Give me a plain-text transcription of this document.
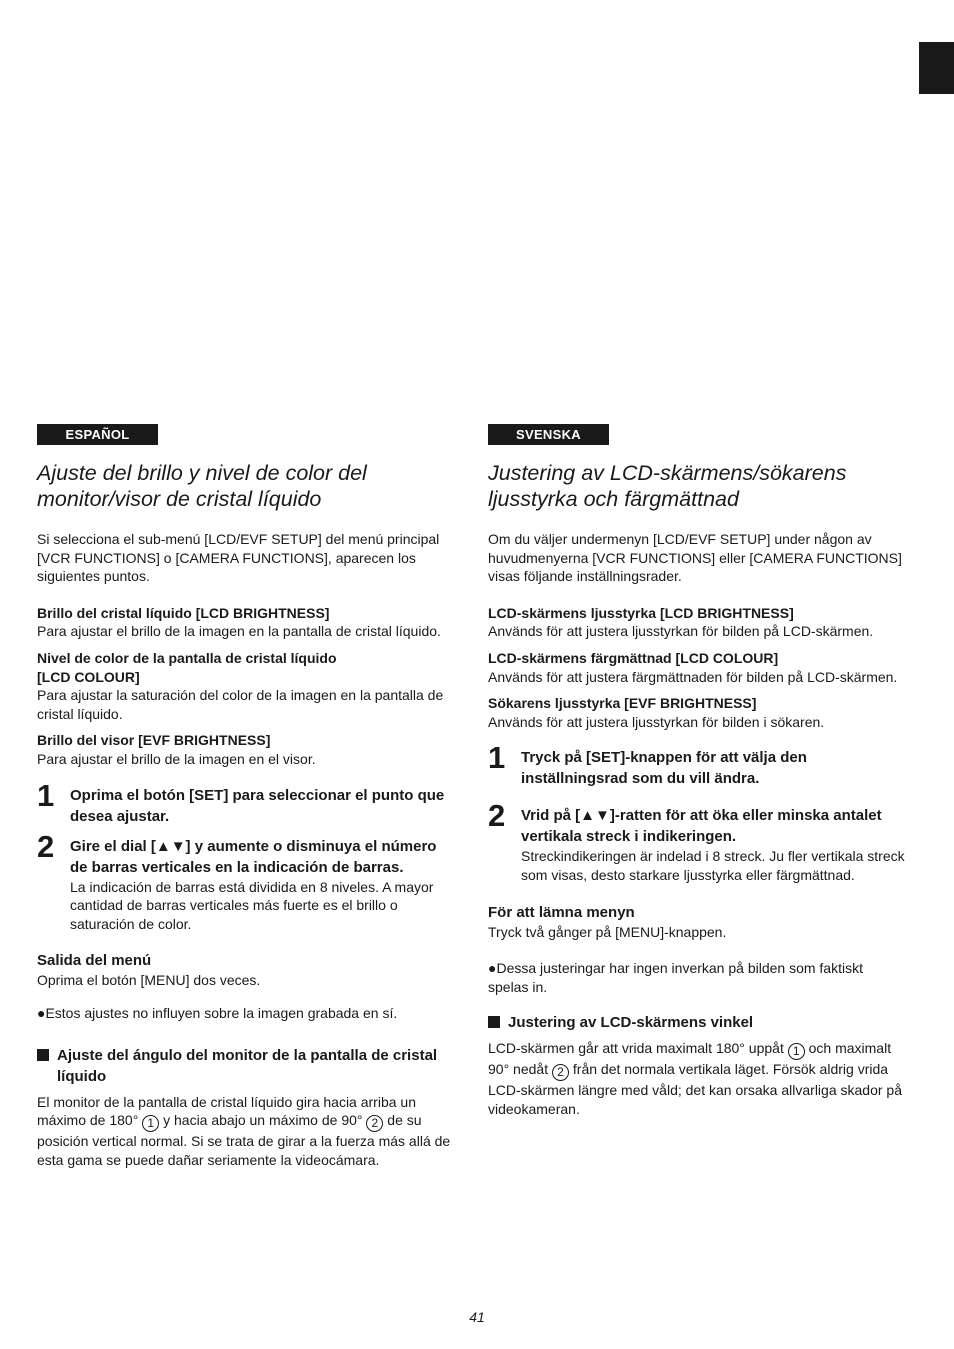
ESPAÑOL
Ajuste del brillo y nivel de color del monitor/visor de cristal líquido

Si selecciona el sub-menú [LCD/EVF SETUP] del menú principal [VCR FUNCTIONS] o [CAMERA FUNCTIONS], aparecen los siguientes puntos.

Brillo del cristal líquido [LCD BRIGHTNESS]

Para ajustar el brillo de la imagen en la pantalla de cristal líquido.

Nivel de color de la pantalla de cristal líquido
[LCD COLOUR]

Para ajustar la saturación del color de la imagen en la pantalla de cristal líquido.

Brillo del visor [EVF BRIGHTNESS]

Para ajustar el brillo de la imagen en el visor.

1 Oprima el botón [SET] para seleccionar el punto que desea ajustar.
2 Gire el dial [▲▼] y aumente o disminuya el número de barras verticales en la indicación de barras.
La indicación de barras está dividida en 8 niveles. A mayor cantidad de barras verticales más fuerte es el brillo o saturación de color.
Salida del menú

Oprima el botón [MENU] dos veces.

●Estos ajustes no influyen sobre la imagen grabada en sí.

Ajuste del ángulo del monitor de la pantalla de cristal líquido

El monitor de la pantalla de cristal líquido gira hacia arriba un máximo de 180° 1 y hacia abajo un máximo de 90° 2 de su posición vertical normal. Si se trata de girar a la fuerza más allá de esta gama se puede dañar seriamente la videocámara.

SVENSKA
Justering av LCD-skärmens/sökarens ljusstyrka och färgmättnad

Om du väljer undermenyn [LCD/EVF SETUP] under någon av huvudmenyerna [VCR FUNCTIONS] eller [CAMERA FUNCTIONS] visas följande inställningsrader.

LCD-skärmens ljusstyrka [LCD BRIGHTNESS]

Används för att justera ljusstyrkan för bilden på LCD-skärmen.

LCD-skärmens färgmättnad [LCD COLOUR]

Används för att justera färgmättnaden för bilden på LCD-skärmen.

Sökarens ljusstyrka [EVF BRIGHTNESS]

Används för att justera ljusstyrkan för bilden i sökaren.

1 Tryck på [SET]-knappen för att välja den inställningsrad som du vill ändra.
2 Vrid på [▲▼]-ratten för att öka eller minska antalet vertikala streck i indikeringen.
Streckindikeringen är indelad i 8 streck. Ju fler vertikala streck som visas, desto starkare ljusstyrka eller färgmättnad.
För att lämna menyn

Tryck två gånger på [MENU]-knappen.

●Dessa justeringar har ingen inverkan på bilden som faktiskt spelas in.

Justering av LCD-skärmens vinkel

LCD-skärmen går att vrida maximalt 180° uppåt 1 och maximalt 90° nedåt 2 från det normala vertikala läget. Försök aldrig vrida LCD-skärmen längre med våld; det kan orsaka allvarliga skador på videokameran.

41
